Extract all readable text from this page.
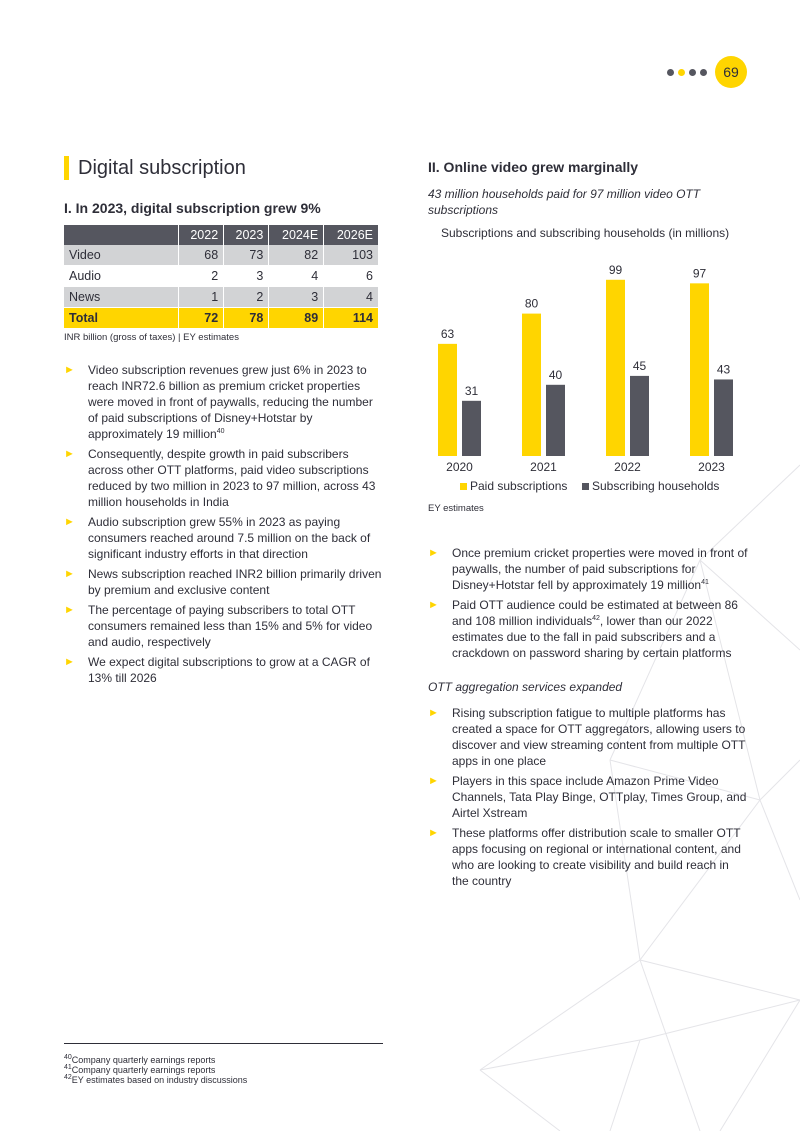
69
Digital subscription
I. In 2023, digital subscription grew 9%
	2022	2023	2024E	2026E
Video	68	73	82	103
Audio	2	3	4	6
News	1	2	3	4
Total	72	78	89	114
INR billion (gross of taxes) | EY estimates
► Video subscription revenues grew just 6% in 2023 to reach INR72.6 billion as premium cricket properties were moved in front of paywalls, reducing the number of paid subscriptions of Disney+Hotstar by approximately 19 million$^{40}$
► Consequently, despite growth in paid subscribers across other OTT platforms, paid video subscriptions reduced by two million in 2023 to 97 million, across 43 million households in India
► Audio subscription grew 55% in 2023 as paying consumers reached around 7.5 million on the back of significant industry efforts in that direction
► News subscription reached INR2 billion primarily driven by premium and exclusive content
► The percentage of paying subscribers to total OTT consumers remained less than 15% and 5% for video and audio, respectively
► We expect digital subscriptions to grow at a CAGR of 13% till 2026
II. Online video grew marginally
43 million households paid for 97 million video OTT subscriptions
Subscriptions and subscribing households (in millions)
63
31
2020
80
40
2021
99
45
2022
97
43
2023
Paid subscriptions Subscribing households
EY estimates
► Once premium cricket properties were moved in front of paywalls, the number of paid subscriptions for Disney+Hotstar fell by approximately 19 million$^{41}$
► Paid OTT audience could be estimated at between 86 and 108 million individuals$^{42}$, lower than our 2022 estimates due to the fall in paid subscribers and a crackdown on password sharing by certain platforms
OTT aggregation services expanded
► Rising subscription fatigue to multiple platforms has created a space for OTT aggregators, allowing users to discover and view streaming content from multiple OTT apps in one place
► Players in this space include Amazon Prime Video Channels, Tata Play Binge, OTTplay, Times Group, and Airtel Xstream
► These platforms offer distribution scale to smaller OTT apps focusing on regional or international content, and who are looking to create visibility and build reach in the country
$^{40}$Company quarterly earnings reports
$^{41}$Company quarterly earnings reports
$^{42}$EY estimates based on industry discussions
